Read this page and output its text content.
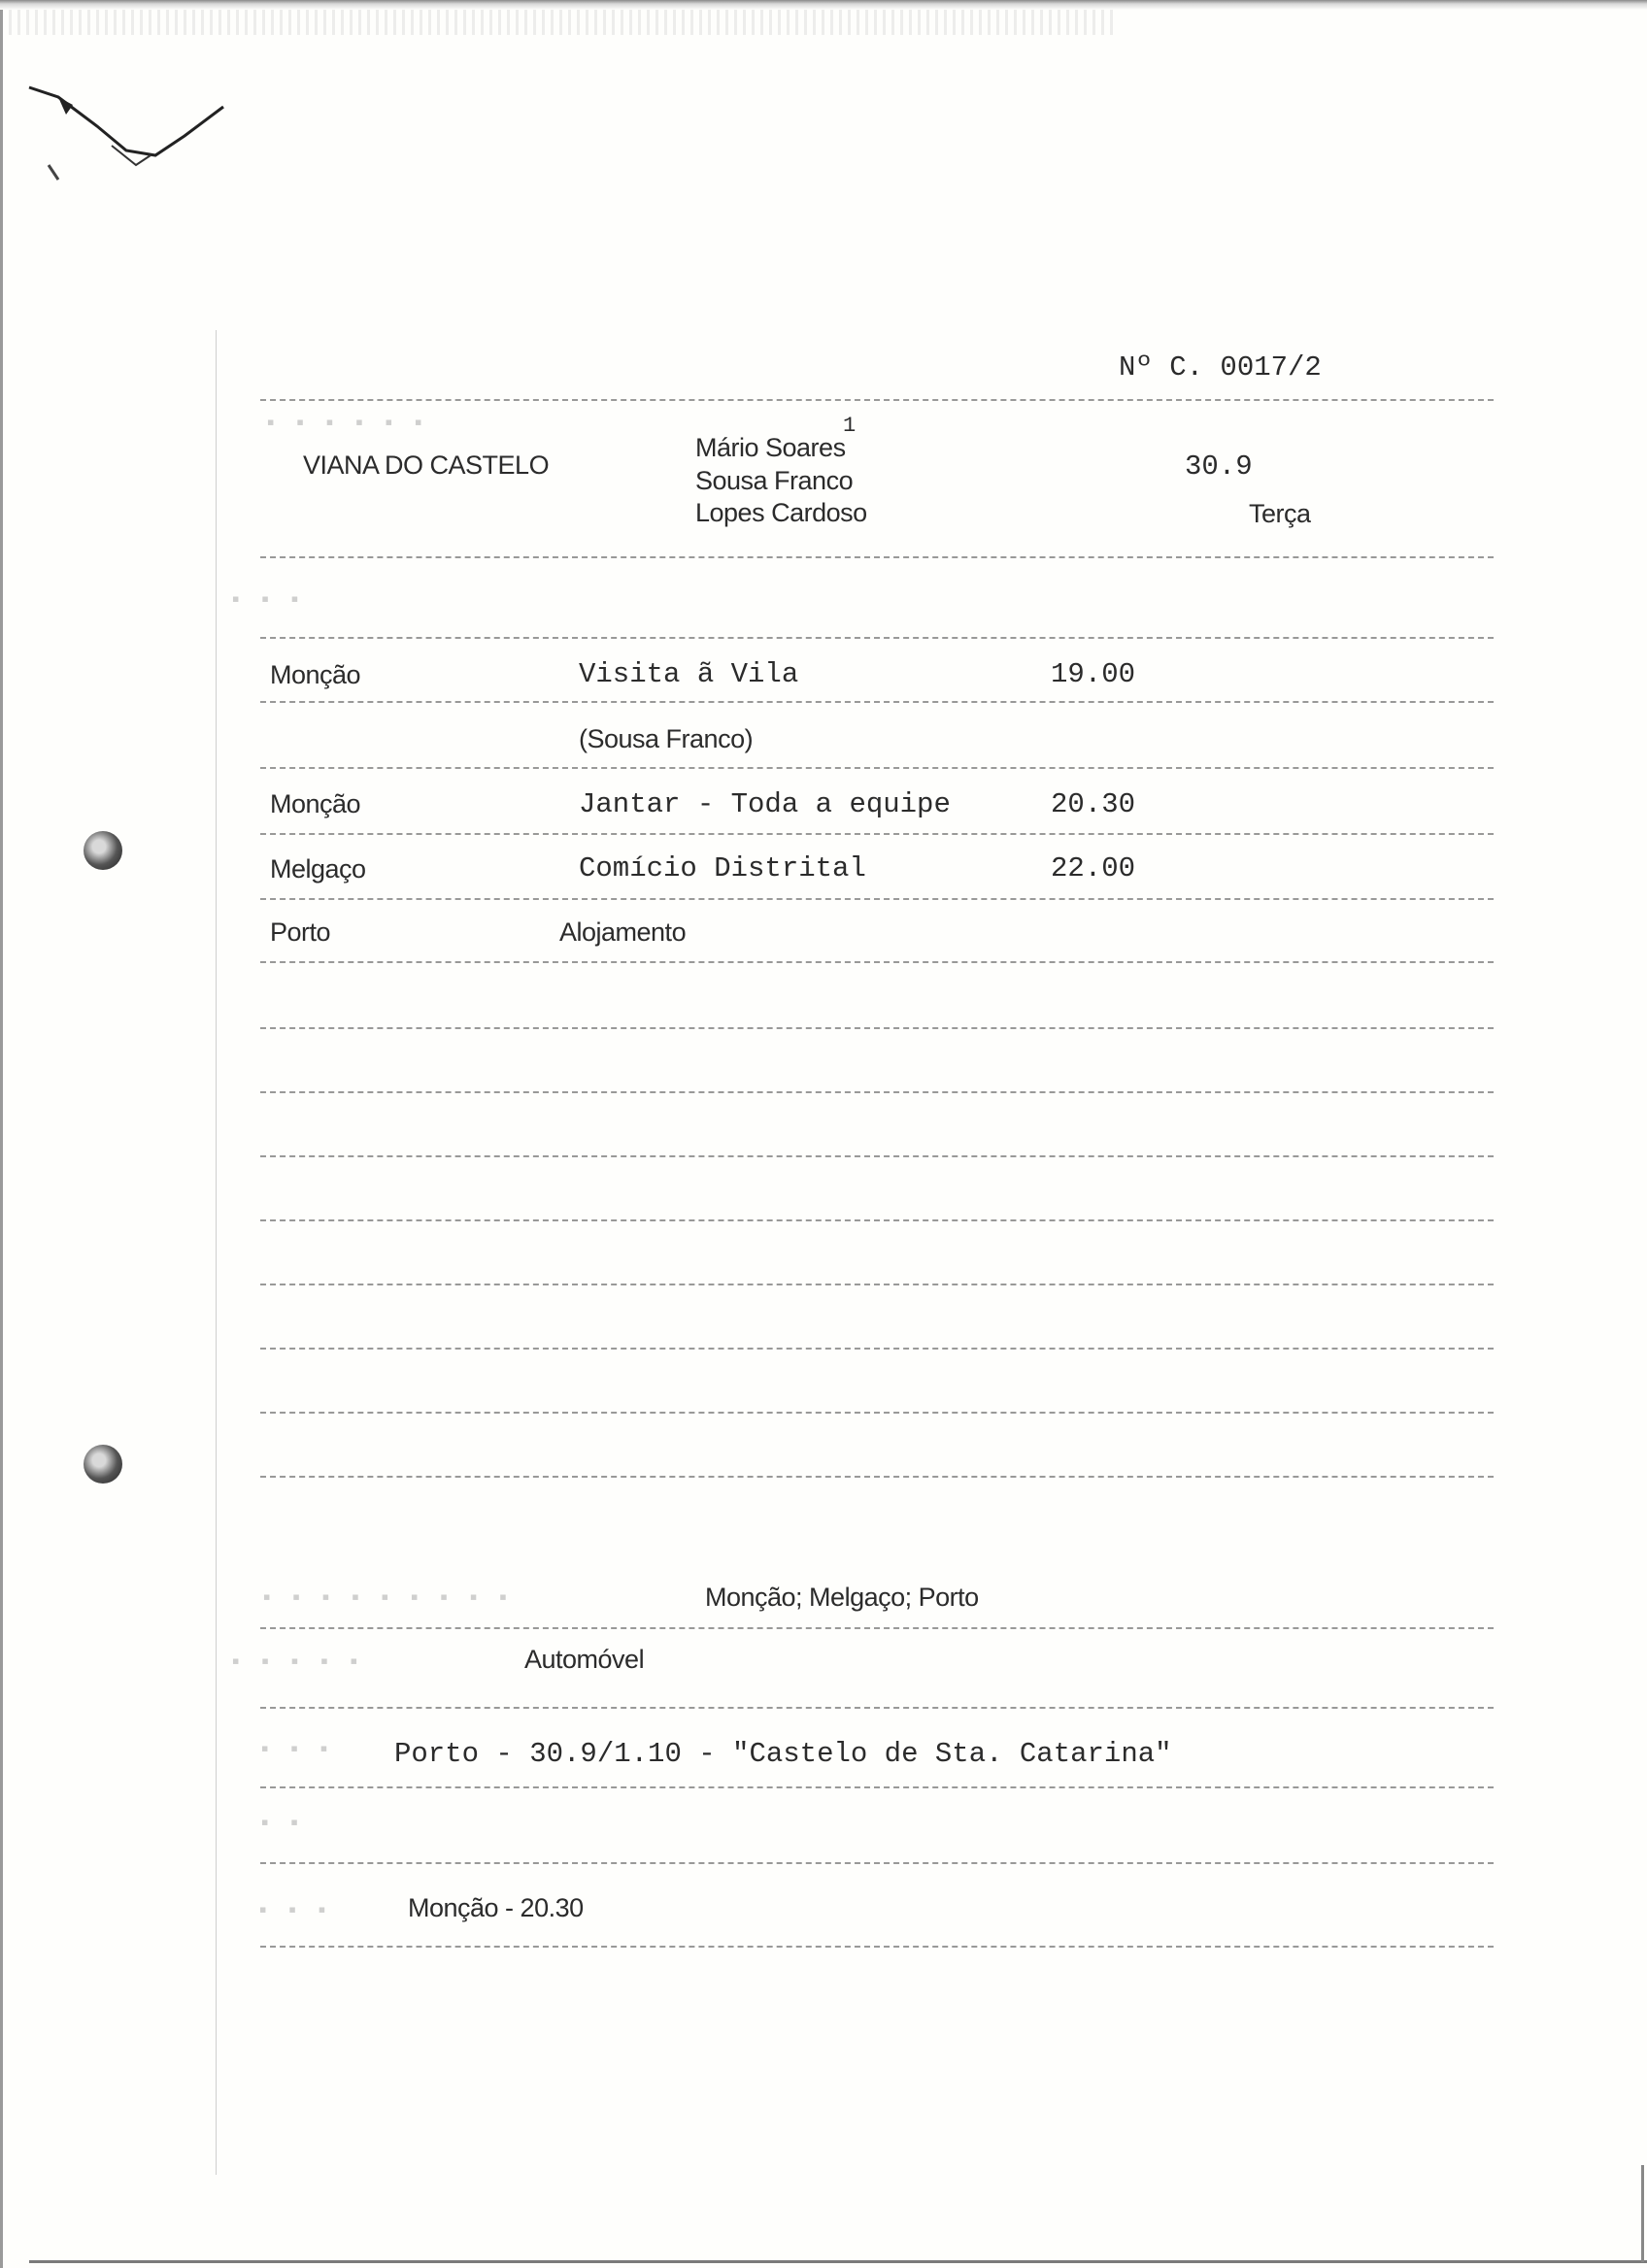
▪ ▪ ▪ ▪ ▪ ▪
▪ ▪ ▪
▪ ▪ ▪ ▪ ▪ ▪ ▪ ▪ ▪
▪ ▪ ▪ ▪ ▪
▪ ▪ ▪
▪ ▪
▪ ▪ ▪
Nº C. 0017/2
VIANA DO CASTELO
1
Mário Soares
Sousa Franco
Lopes Cardoso
30.9
Terça
Monção	Visita ã Vila	19.00
(Sousa Franco)
Monção	Jantar - Toda a equipe	20.30
Melgaço	Comício Distrital	22.00
Porto	Alojamento
Monção; Melgaço; Porto
Automóvel
Porto - 30.9/1.10 - "Castelo de Sta. Catarina"
Monção - 20.30
